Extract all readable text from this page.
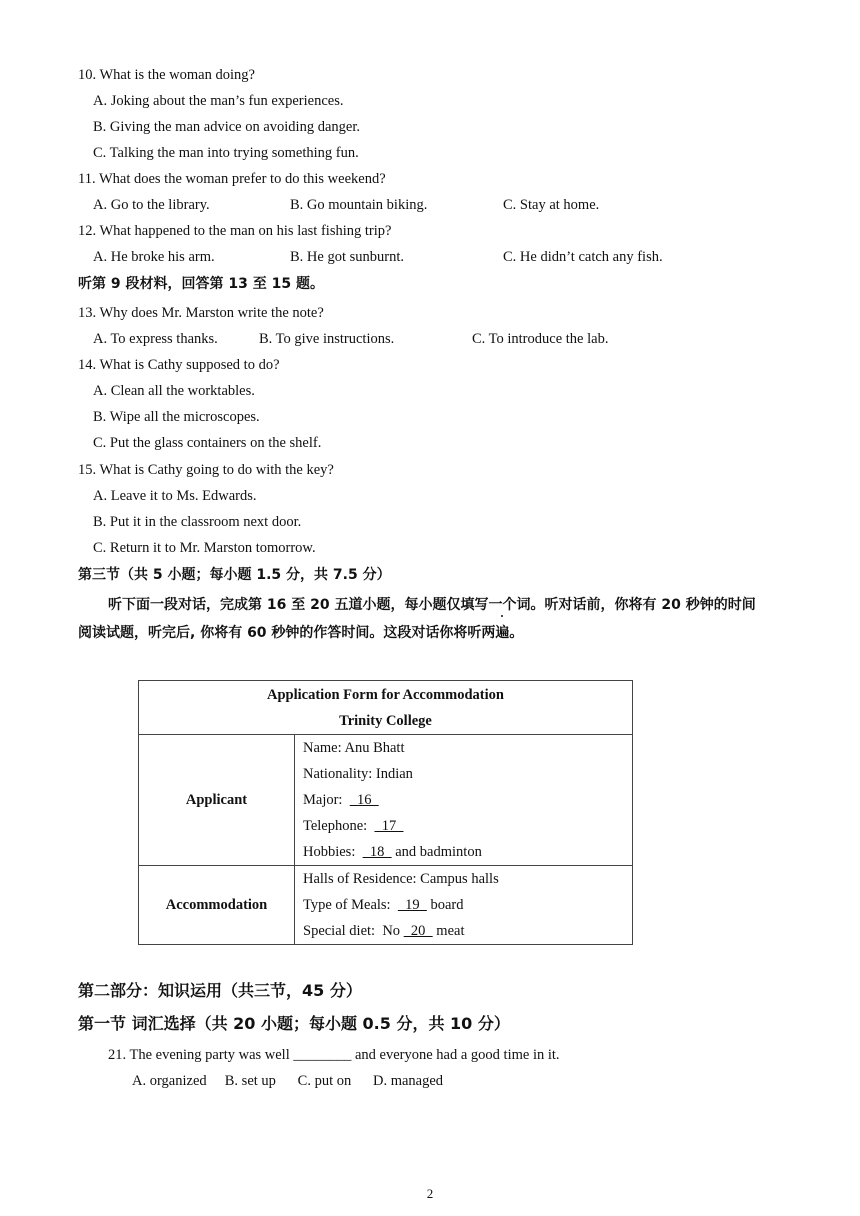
10. What is the woman doing?
A. Joking about the man’s fun experiences.
B. Giving the man advice on avoiding danger.
C. Talking the man into trying something fun.
11. What does the woman prefer to do this weekend?
A. Go to the library.	B. Go mountain biking.	C. Stay at home.
12. What happened to the man on his last fishing trip?
A. He broke his arm.	B. He got sunburnt.	C. He didn’t catch any fish.
听第 9 段材料，回答第 13 至 15 题。
13. Why does Mr. Marston write the note?
A. To express thanks.	B. To give instructions.	C. To introduce the lab.
14. What is Cathy supposed to do?
A. Clean all the worktables.
B. Wipe all the microscopes.
C. Put the glass containers on the shelf.
15. What is Cathy going to do with the key?
A. Leave it to Ms. Edwards.
B. Put it in the classroom next door.
C. Return it to Mr. Marston tomorrow.
第三节（共 5 小题；每小题 1.5 分，共 7.5 分）
听下面一段对话，完成第 16 至 20 五道小题，每小题仅填写一个词。听对话前，你将有 20 秒钟的时间
阅读试题，听完后, 你将有 60 秒钟的作答时间。这段对话你将听两遍。
Application Form for Accommodation
Trinity College	

Applicant	Name: Anu Bhatt
Nationality: Indian
Major:    16
Telephone:    17
Hobbies:    18   and badminton

Accommodation	Halls of Residence: Campus halls
Type of Meals:    19   board
Special diet:  No   20   meat
第二部分：知识运用（共三节，45 分）
第一节 词汇选择（共 20 小题；每小题 0.5 分，共 10 分）
21. The evening party was well ________ and everyone had a good time in it.
A. organized     B. set up      C. put on      D. managed
2
